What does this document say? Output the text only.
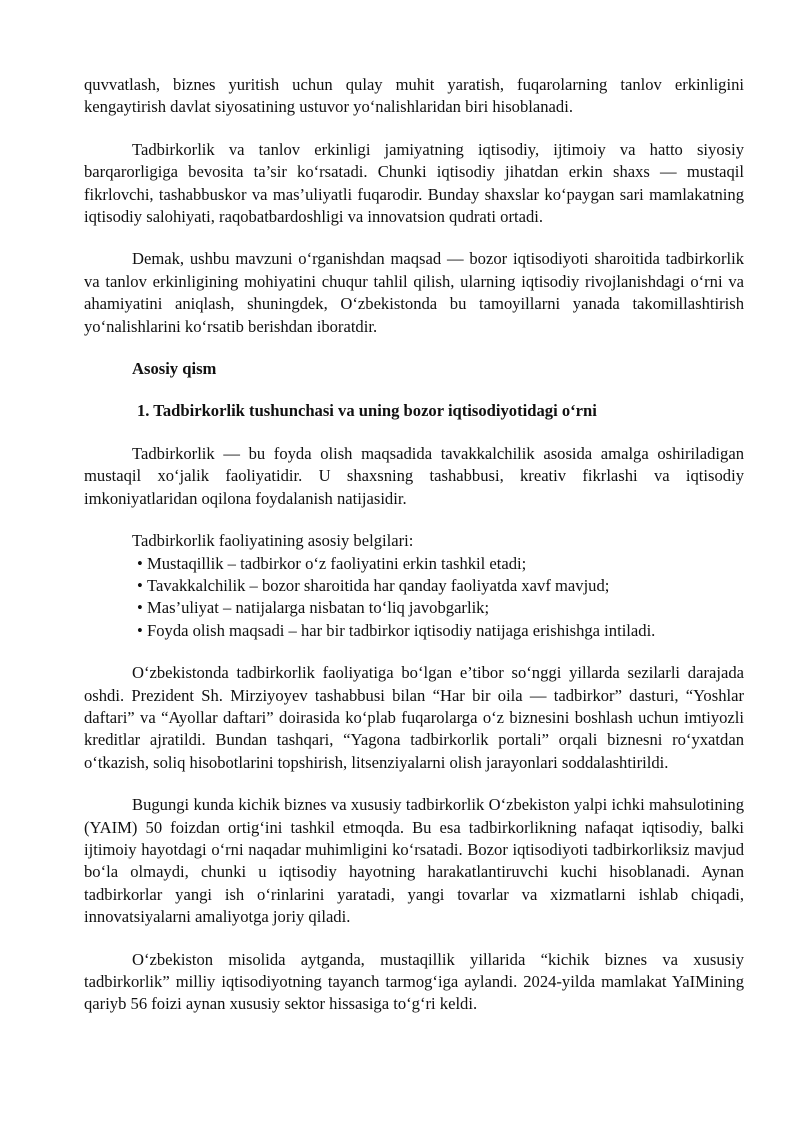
quvvatlash, biznes yuritish uchun qulay muhit yaratish, fuqarolarning tanlov erkinligini kengaytirish davlat siyosatining ustuvor yo‘nalishlaridan biri hisoblanadi.

Tadbirkorlik va tanlov erkinligi jamiyatning iqtisodiy, ijtimoiy va hatto siyosiy barqarorligiga bevosita ta’sir ko‘rsatadi. Chunki iqtisodiy jihatdan erkin shaxs — mustaqil fikrlovchi, tashabbuskor va mas’uliyatli fuqarodir. Bunday shaxslar ko‘paygan sari mamlakatning iqtisodiy salohiyati, raqobatbardoshligi va innovatsion qudrati ortadi.

Demak, ushbu mavzuni o‘rganishdan maqsad — bozor iqtisodiyoti sharoitida tadbirkorlik va tanlov erkinligining mohiyatini chuqur tahlil qilish, ularning iqtisodiy rivojlanishdagi o‘rni va ahamiyatini aniqlash, shuningdek, O‘zbekistonda bu tamoyillarni yanada takomillashtirish yo‘nalishlarini ko‘rsatib berishdan iboratdir.

Asosiy qism
1. Tadbirkorlik tushunchasi va uning bozor iqtisodiyotidagi o‘rni

Tadbirkorlik — bu foyda olish maqsadida tavakkalchilik asosida amalga oshiriladigan mustaqil xo‘jalik faoliyatidir. U shaxsning tashabbusi, kreativ fikrlashi va iqtisodiy imkoniyatlaridan oqilona foydalanish natijasidir.

Tadbirkorlik faoliyatining asosiy belgilari:

• Mustaqillik – tadbirkor o‘z faoliyatini erkin tashkil etadi;
• Tavakkalchilik – bozor sharoitida har qanday faoliyatda xavf mavjud;
• Mas’uliyat – natijalarga nisbatan to‘liq javobgarlik;
• Foyda olish maqsadi – har bir tadbirkor iqtisodiy natijaga erishishga intiladi.

O‘zbekistonda tadbirkorlik faoliyatiga bo‘lgan e’tibor so‘nggi yillarda sezilarli darajada oshdi. Prezident Sh. Mirziyoyev tashabbusi bilan “Har bir oila — tadbirkor” dasturi, “Yoshlar daftari” va “Ayollar daftari” doirasida ko‘plab fuqarolarga o‘z biznesini boshlash uchun imtiyozli kreditlar ajratildi. Bundan tashqari, “Yagona tadbirkorlik portali” orqali biznesni ro‘yxatdan o‘tkazish, soliq hisobotlarini topshirish, litsenziyalarni olish jarayonlari soddalashtirildi.

Bugungi kunda kichik biznes va xususiy tadbirkorlik O‘zbekiston yalpi ichki mahsulotining (YAIM) 50 foizdan ortig‘ini tashkil etmoqda. Bu esa tadbirkorlikning nafaqat iqtisodiy, balki ijtimoiy hayotdagi o‘rni naqadar muhimligini ko‘rsatadi. Bozor iqtisodiyoti tadbirkorliksiz mavjud bo‘la olmaydi, chunki u iqtisodiy hayotning harakatlantiruvchi kuchi hisoblanadi. Aynan tadbirkorlar yangi ish o‘rinlarini yaratadi, yangi tovarlar va xizmatlarni ishlab chiqadi, innovatsiyalarni amaliyotga joriy qiladi.

O‘zbekiston misolida aytganda, mustaqillik yillarida “kichik biznes va xususiy tadbirkorlik” milliy iqtisodiyotning tayanch tarmog‘iga aylandi. 2024-yilda mamlakat YaIMining qariyb 56 foizi aynan xususiy sektor hissasiga to‘g‘ri keldi.
